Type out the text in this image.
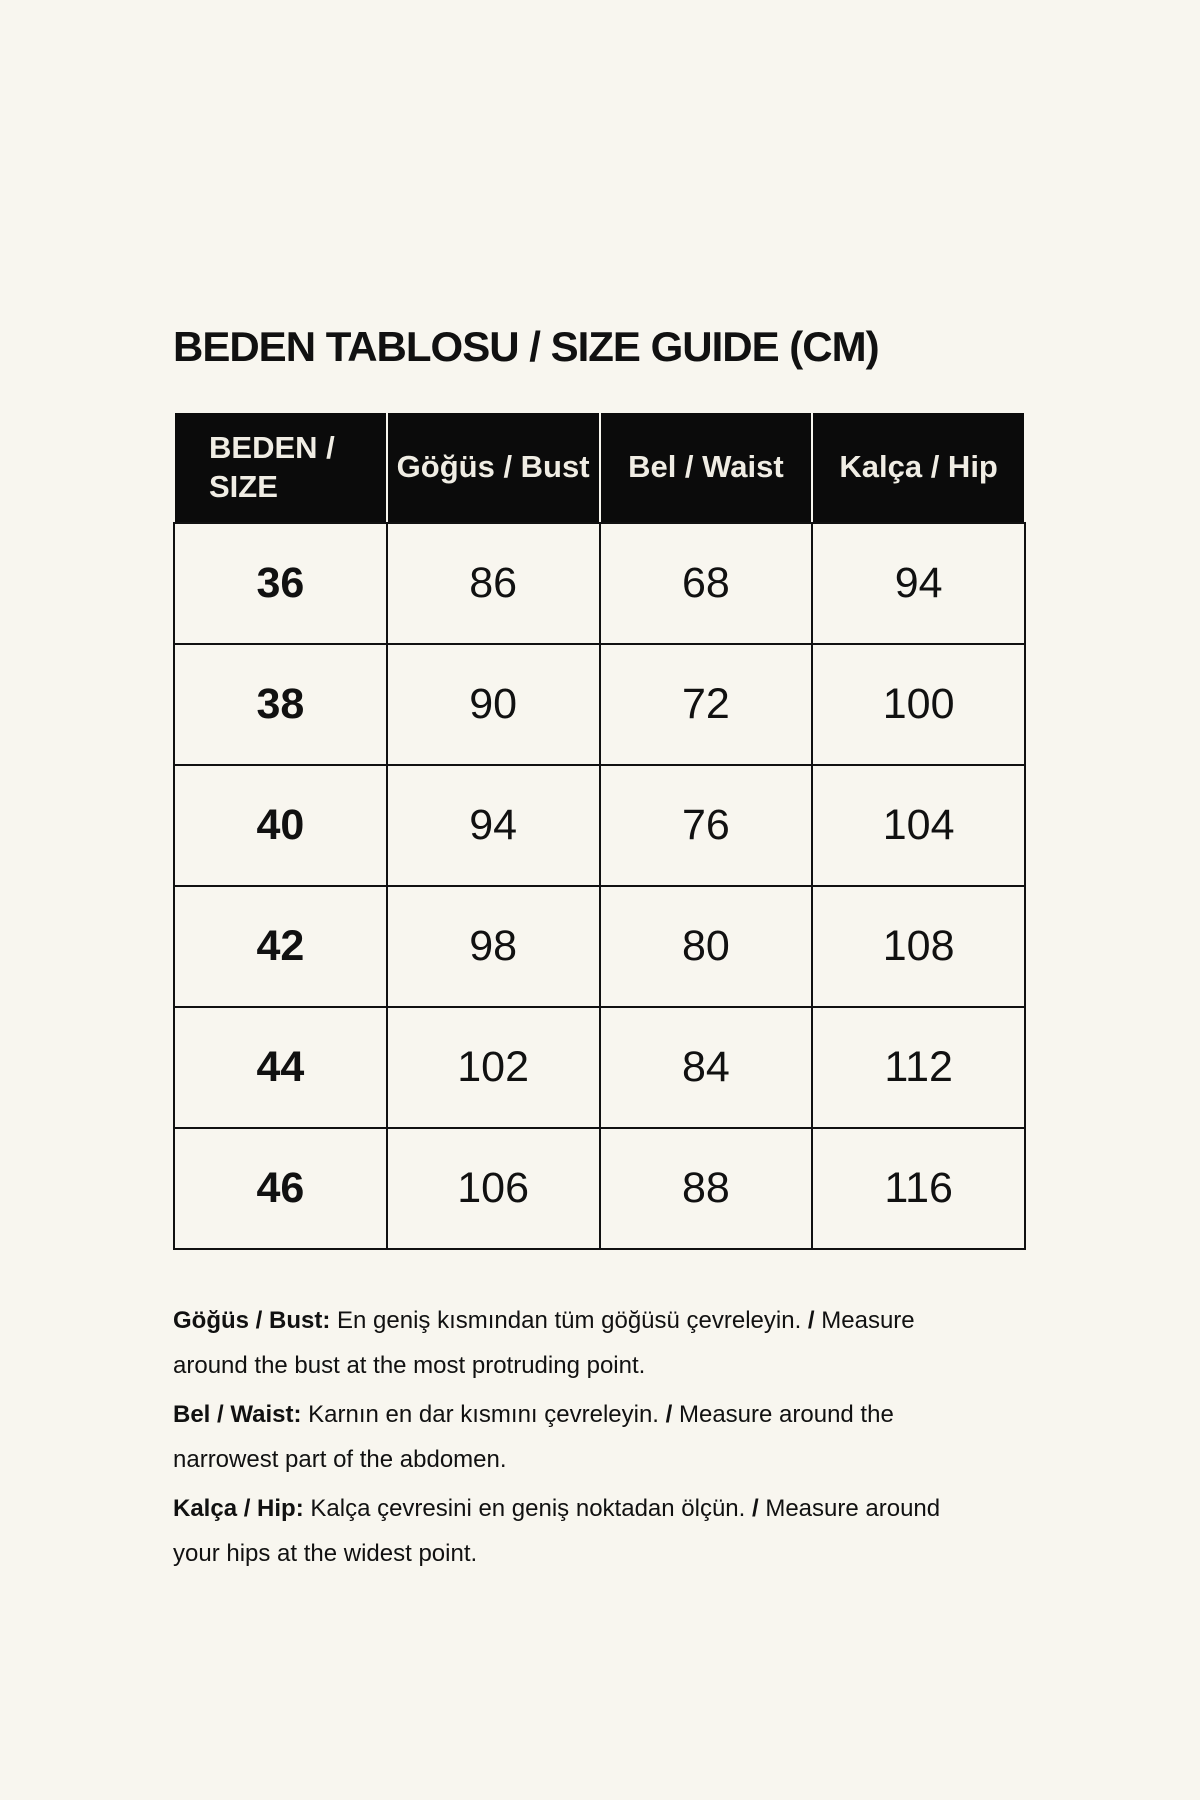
BEDEN TABLOSU / SIZE GUIDE (CM)
BEDEN / SIZE	Göğüs / Bust	Bel / Waist	Kalça / Hip
36	86	68	94
38	90	72	100
40	94	76	104
42	98	80	108
44	102	84	112
46	106	88	116

Göğüs / Bust: En geniş kısmından tüm göğüsü çevreleyin. / Measure around the bust at the most protruding point.

Bel / Waist: Karnın en dar kısmını çevreleyin. / Measure around the narrowest part of the abdomen.

Kalça / Hip: Kalça çevresini en geniş noktadan ölçün. / Measure around your hips at the widest point.
